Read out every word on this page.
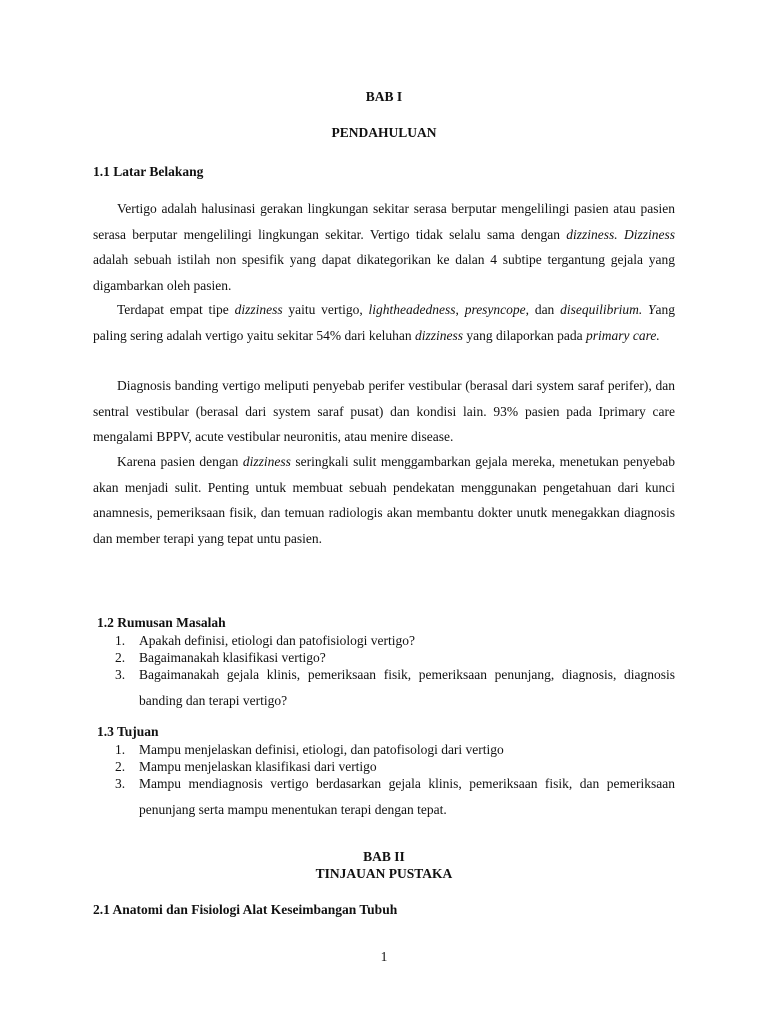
BAB I
PENDAHULUAN
1.1 Latar Belakang

Vertigo adalah halusinasi gerakan lingkungan sekitar serasa berputar mengelilingi pasien atau pasien serasa berputar mengelilingi lingkungan sekitar. Vertigo tidak selalu sama dengan dizziness. Dizziness adalah sebuah istilah non spesifik yang dapat dikategorikan ke dalan 4 subtipe tergantung gejala yang digambarkan oleh pasien.

Terdapat empat tipe dizziness yaitu vertigo, lightheadedness, presyncope, dan disequilibrium. Yang paling sering adalah vertigo yaitu sekitar 54% dari keluhan dizziness yang dilaporkan pada primary care.

Diagnosis banding vertigo meliputi penyebab perifer vestibular (berasal dari system saraf perifer), dan sentral vestibular (berasal dari system saraf pusat) dan kondisi lain. 93% pasien pada Iprimary care mengalami BPPV, acute vestibular neuronitis, atau menire disease.

Karena pasien dengan dizziness seringkali sulit menggambarkan gejala mereka, menetukan penyebab akan menjadi sulit. Penting untuk membuat sebuah pendekatan menggunakan pengetahuan dari kunci anamnesis, pemeriksaan fisik, dan temuan radiologis akan membantu dokter unutk menegakkan diagnosis dan member terapi yang tepat untu pasien.

1.2 Rumusan Masalah
1. Apakah definisi, etiologi dan patofisiologi vertigo?
2. Bagaimanakah klasifikasi vertigo?
3. Bagaimanakah gejala klinis, pemeriksaan fisik, pemeriksaan penunjang, diagnosis, diagnosis banding dan terapi vertigo?
1.3 Tujuan
1. Mampu menjelaskan definisi, etiologi, dan patofisologi dari vertigo
2. Mampu menjelaskan klasifikasi dari vertigo
3. Mampu mendiagnosis vertigo berdasarkan gejala klinis, pemeriksaan fisik, dan pemeriksaan penunjang serta mampu menentukan terapi dengan tepat.
BAB II
TINJAUAN PUSTAKA
2.1 Anatomi dan Fisiologi Alat Keseimbangan Tubuh
1
